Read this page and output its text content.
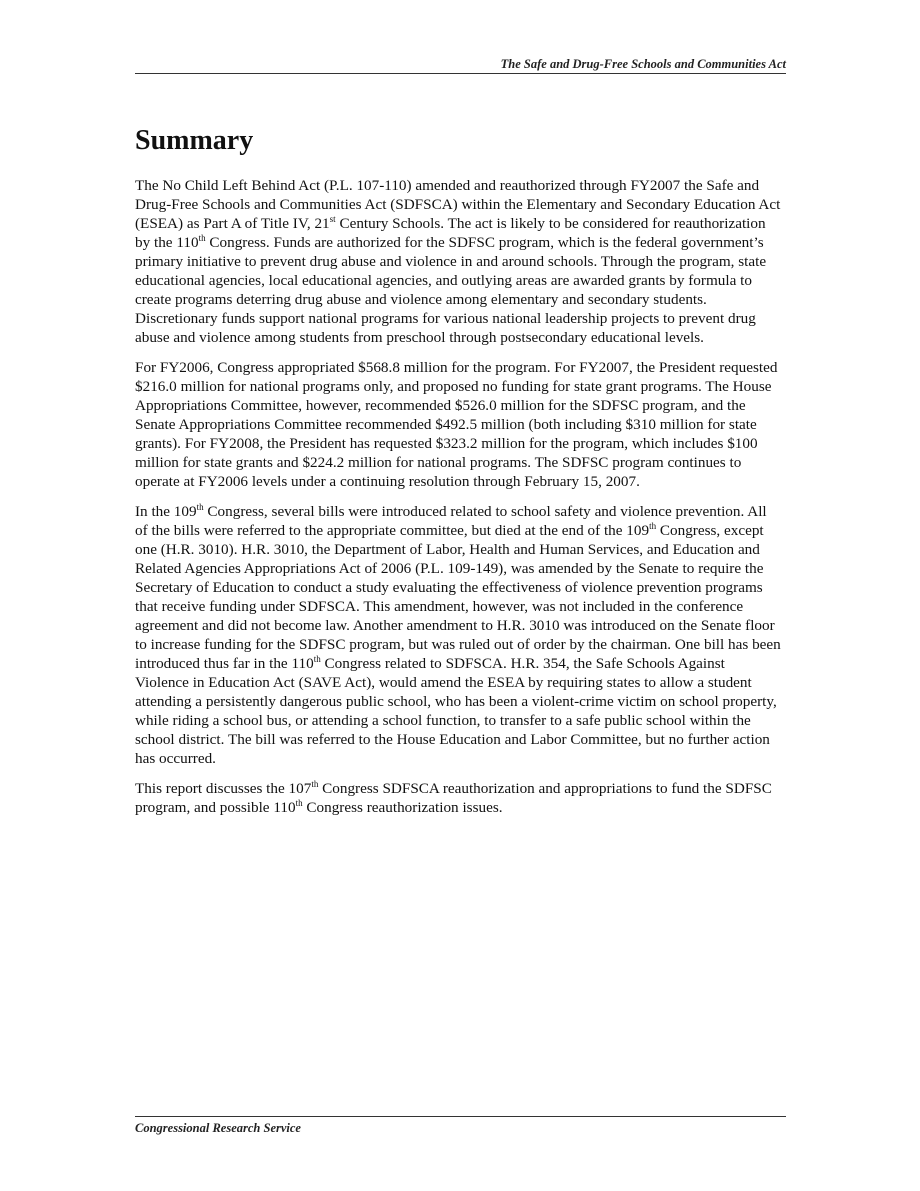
The Safe and Drug-Free Schools and Communities Act
Summary

The No Child Left Behind Act (P.L. 107-110) amended and reauthorized through FY2007 the Safe and Drug-Free Schools and Communities Act (SDFSCA) within the Elementary and Secondary Education Act (ESEA) as Part A of Title IV, 21st Century Schools. The act is likely to be considered for reauthorization by the 110th Congress. Funds are authorized for the SDFSC program, which is the federal government’s primary initiative to prevent drug abuse and violence in and around schools. Through the program, state educational agencies, local educational agencies, and outlying areas are awarded grants by formula to create programs deterring drug abuse and violence among elementary and secondary students. Discretionary funds support national programs for various national leadership projects to prevent drug abuse and violence among students from preschool through postsecondary educational levels.

For FY2006, Congress appropriated $568.8 million for the program. For FY2007, the President requested $216.0 million for national programs only, and proposed no funding for state grant programs. The House Appropriations Committee, however, recommended $526.0 million for the SDFSC program, and the Senate Appropriations Committee recommended $492.5 million (both including $310 million for state grants). For FY2008, the President has requested $323.2 million for the program, which includes $100 million for state grants and $224.2 million for national programs. The SDFSC program continues to operate at FY2006 levels under a continuing resolution through February 15, 2007.

In the 109th Congress, several bills were introduced related to school safety and violence prevention. All of the bills were referred to the appropriate committee, but died at the end of the 109th Congress, except one (H.R. 3010). H.R. 3010, the Department of Labor, Health and Human Services, and Education and Related Agencies Appropriations Act of 2006 (P.L. 109-149), was amended by the Senate to require the Secretary of Education to conduct a study evaluating the effectiveness of violence prevention programs that receive funding under SDFSCA. This amendment, however, was not included in the conference agreement and did not become law. Another amendment to H.R. 3010 was introduced on the Senate floor to increase funding for the SDFSC program, but was ruled out of order by the chairman. One bill has been introduced thus far in the 110th Congress related to SDFSCA. H.R. 354, the Safe Schools Against Violence in Education Act (SAVE Act), would amend the ESEA by requiring states to allow a student attending a persistently dangerous public school, who has been a violent-crime victim on school property, while riding a school bus, or attending a school function, to transfer to a safe public school within the school district. The bill was referred to the House Education and Labor Committee, but no further action has occurred.

This report discusses the 107th Congress SDFSCA reauthorization and appropriations to fund the SDFSC program, and possible 110th Congress reauthorization issues.

Congressional Research Service
